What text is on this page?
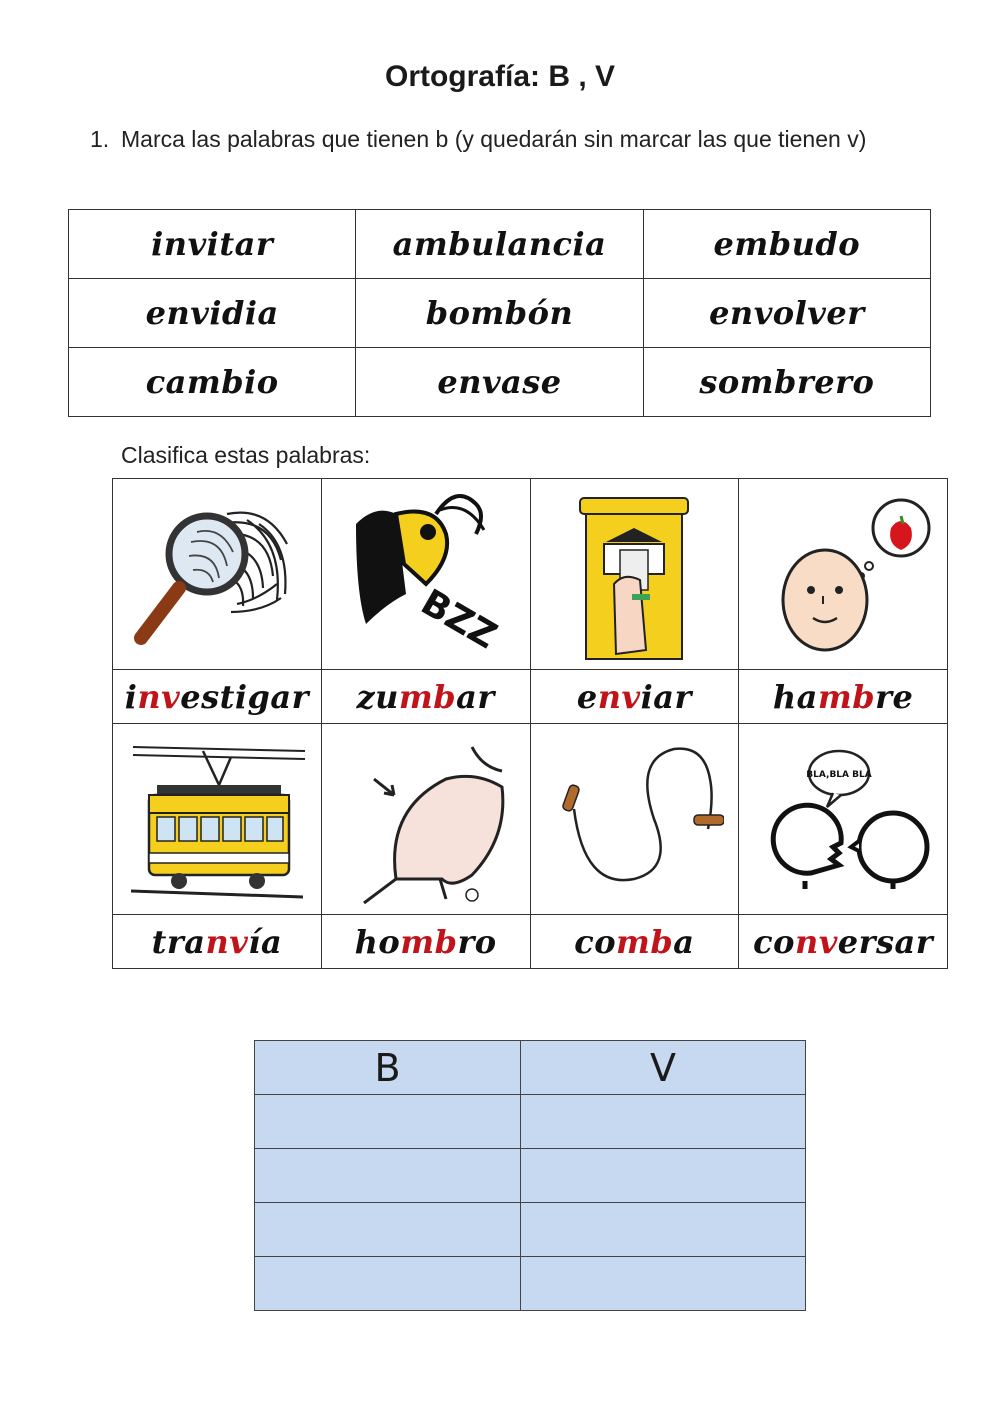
Ortografía: B , V
1. Marca las palabras que tienen b (y quedarán sin marcar las que tienen v)
invitar	ambulancia	embudo
envidia	bombón	envolver
cambio	envase	sombrero
Clasifica estas palabras:

BZZ

investigar	zumbar	enviar	hambre

BLA,BLA BLA

tranvía	hombro	comba	conversar
B	V
